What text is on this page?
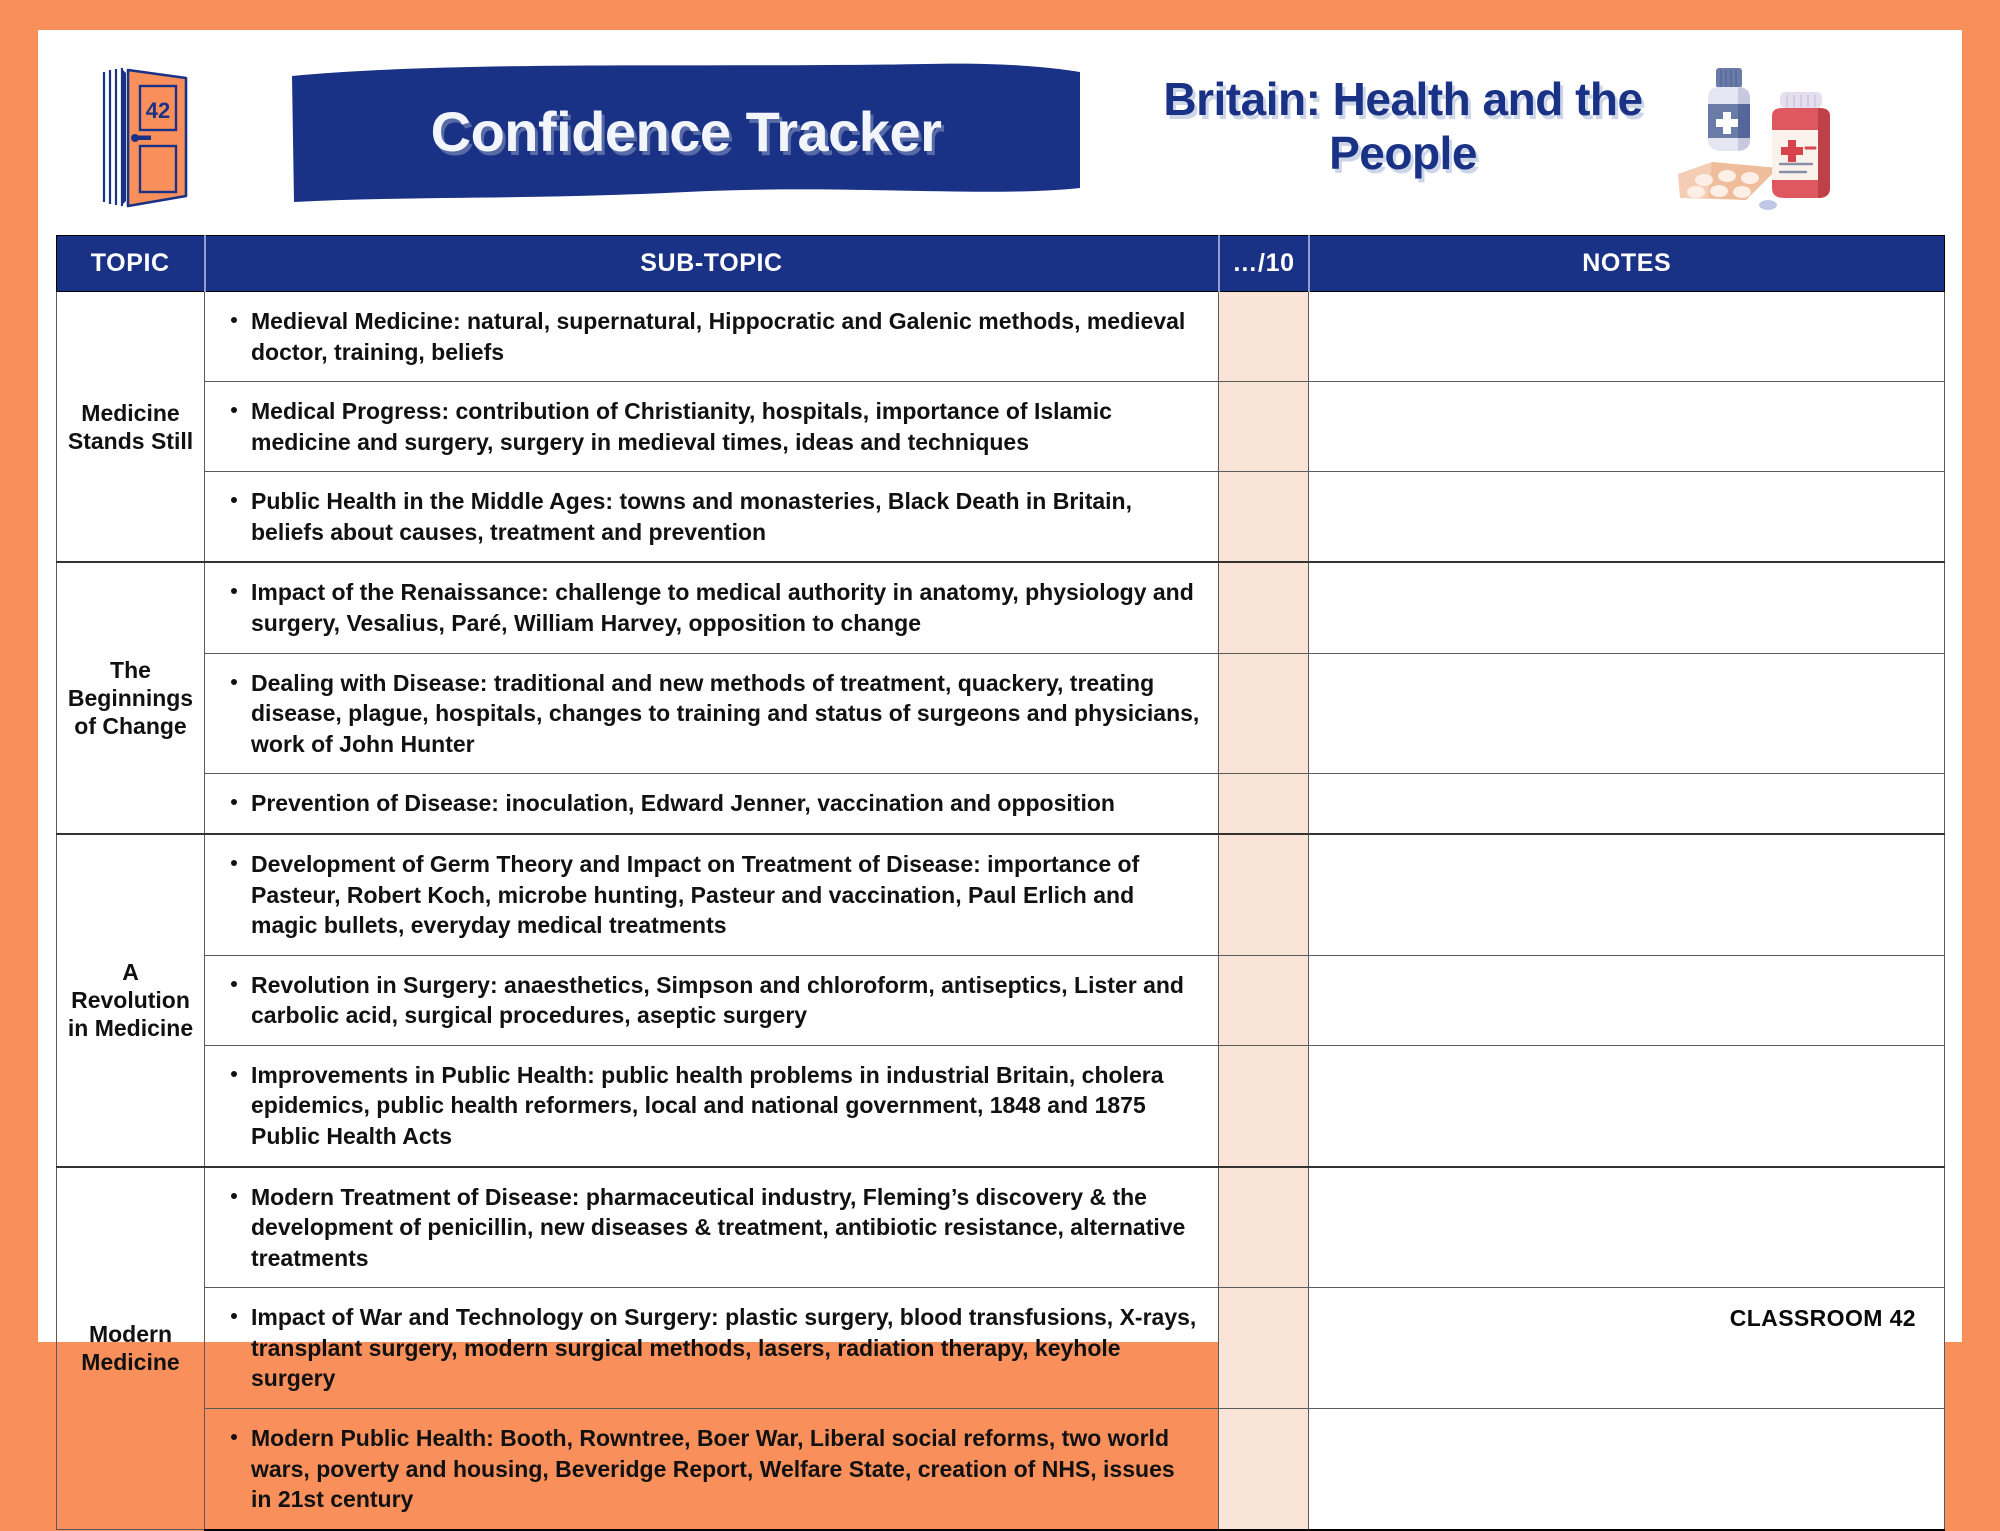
42	Confidence Tracker
Britain: Health and the People
TOPIC	SUB-TOPIC	…/10	NOTES
Medicine Stands Still	Medieval Medicine: natural, supernatural, Hippocratic and Galenic methods, medieval doctor, training, beliefs		

	Medical Progress: contribution of Christianity, hospitals, importance of Islamic medicine and surgery, surgery in medieval times, ideas and techniques		

	Public Health in the Middle Ages: towns and monasteries, Black Death in Britain, beliefs about causes, treatment and prevention		

The Beginnings of Change	Impact of the Renaissance: challenge to medical authority in anatomy, physiology and surgery, Vesalius, Paré, William Harvey, opposition to change		

	Dealing with Disease: traditional and new methods of treatment, quackery, treating disease, plague, hospitals, changes to training and status of surgeons and physicians, work of John Hunter		

	Prevention of Disease: inoculation, Edward Jenner, vaccination and opposition		

A Revolution in Medicine	Development of Germ Theory and Impact on Treatment of Disease: importance of Pasteur, Robert Koch, microbe hunting, Pasteur and vaccination, Paul Erlich and magic bullets, everyday medical treatments		

	Revolution in Surgery: anaesthetics, Simpson and chloroform, antiseptics, Lister and carbolic acid, surgical procedures, aseptic surgery		

	Improvements in Public Health: public health problems in industrial Britain, cholera epidemics, public health reformers, local and national government, 1848 and 1875 Public Health Acts		

Modern Medicine	Modern Treatment of Disease: pharmaceutical industry, Fleming’s discovery & the development of penicillin, new diseases & treatment, antibiotic resistance, alternative treatments		

	Impact of War and Technology on Surgery: plastic surgery, blood transfusions, X-rays, transplant surgery, modern surgical methods, lasers, radiation therapy, keyhole surgery		

	Modern Public Health: Booth, Rowntree, Boer War, Liberal social reforms, two world wars, poverty and housing, Beveridge Report, Welfare State, creation of NHS, issues in 21st century		

CLASSROOM 42
